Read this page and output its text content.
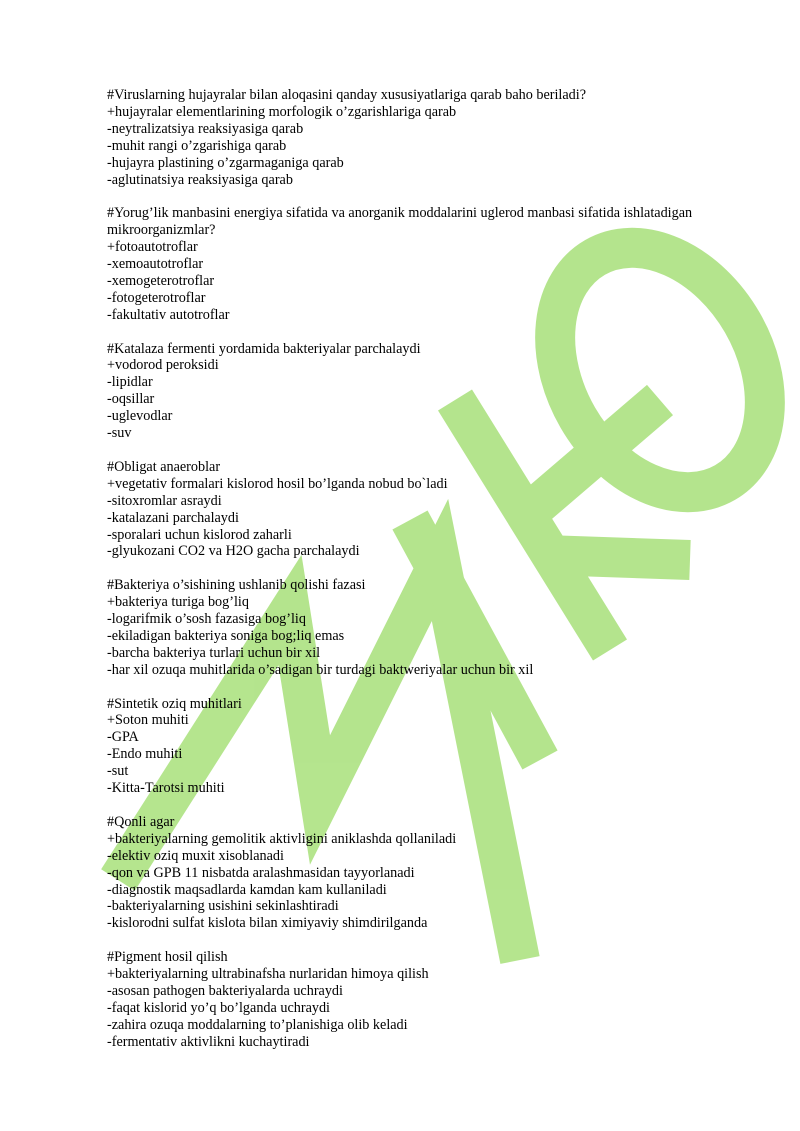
#Viruslarning hujayralar bilan aloqasini qanday xususiyatlariga qarab baho beriladi?
+hujayralar elementlarining morfologik o’zgarishlariga qarab
-neytralizatsiya reaksiyasiga qarab
-muhit rangi o’zgarishiga qarab
-hujayra plastining o’zgarmaganiga qarab
-aglutinatsiya reaksiyasiga qarab
#Yorug’lik manbasini energiya sifatida va anorganik moddalarini uglerod manbasi sifatida ishlatadigan mikroorganizmlar?
+fotoautotroflar
-xemoautotroflar
-xemogeterotroflar
-fotogeterotroflar
-fakultativ autotroflar
#Katalaza fermenti yordamida bakteriyalar parchalaydi
+vodorod peroksidi
-lipidlar
-oqsillar
-uglevodlar
-suv
#Obligat anaeroblar
+vegetativ formalari kislorod hosil bo’lganda nobud bo`ladi
-sitoxromlar asraydi
-katalazani parchalaydi
-sporalari uchun kislorod zaharli
-glyukozani CO2 va H2O gacha parchalaydi
#Bakteriya o’sishining ushlanib qolishi fazasi
+bakteriya turiga bog’liq
-logarifmik o’sosh fazasiga bog’liq
-ekiladigan bakteriya soniga bog;liq emas
-barcha bakteriya turlari uchun bir xil
-har xil ozuqa muhitlarida o’sadigan bir turdagi baktweriyalar uchun bir xil
#Sintetik oziq muhitlari
+Soton muhiti
-GPA
-Endo muhiti
-sut
-Kitta-Tarotsi muhiti
#Qonli agar
+bakteriyalarning gemolitik aktivligini aniklashda qollaniladi
-elektiv oziq muxit xisoblanadi
-qon va GPB 11 nisbatda aralashmasidan tayyorlanadi
-diagnostik maqsadlarda kamdan kam kullaniladi
-bakteriyalarning usishini sekinlashtiradi
-kislorodni sulfat kislota bilan ximiyaviy shimdirilganda
#Pigment hosil qilish
+bakteriyalarning ultrabinafsha nurlaridan himoya qilish
-asosan pathogen bakteriyalarda uchraydi
-faqat kislorid yo’q bo’lganda uchraydi
-zahira ozuqa moddalarning to’planishiga olib keladi
-fermentativ aktivlikni kuchaytiradi
